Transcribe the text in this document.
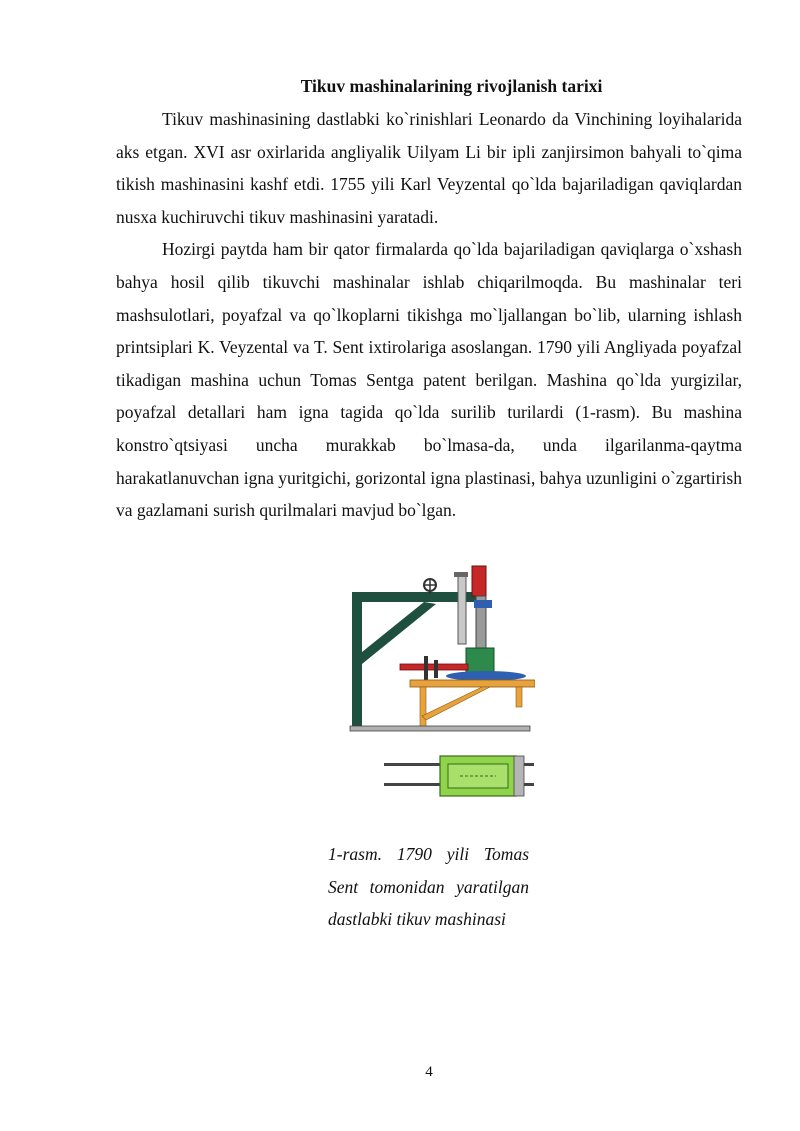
Tikuv mashinalarining rivojlanish tarixi

Tikuv mashinasining dastlabki ko`rinishlari Leonardo da Vinchining loyihalarida aks etgan. XVI asr oxirlarida angliyalik Uilyam Li bir ipli zanjirsimon bahyali to`qima tikish mashinasini kashf etdi. 1755 yili Karl Veyzental qo`lda bajariladigan qaviqlardan nusxa kuchiruvchi tikuv mashinasini yaratadi.

Hozirgi paytda ham bir qator firmalarda qo`lda bajariladigan qaviqlarga o`xshash bahya hosil qilib tikuvchi mashinalar ishlab chiqarilmoqda. Bu mashinalar teri mashsulotlari, poyafzal va qo`lkoplarni tikishga mo`ljallangan bo`lib, ularning ishlash printsiplari K. Veyzental va T. Sent ixtirolariga asoslangan. 1790 yili Angliyada poyafzal tikadigan mashina uchun Tomas Sentga patent berilgan. Mashina qo`lda yurgizilar, poyafzal detallari ham igna tagida qo`lda surilib turilardi (1-rasm). Bu mashina konstro`qtsiyasi uncha murakkab bo`lmasa-da, unda ilgarilanma-qaytma harakatlanuvchan igna yuritgichi, gorizontal igna plastinasi, bahya uzunligini o`zgartirish va gazlamani surish qurilmalari mavjud bo`lgan.

1-rasm. 1790 yili Tomas Sent tomonidan yaratilgan dastlabki tikuv mashinasi
4
